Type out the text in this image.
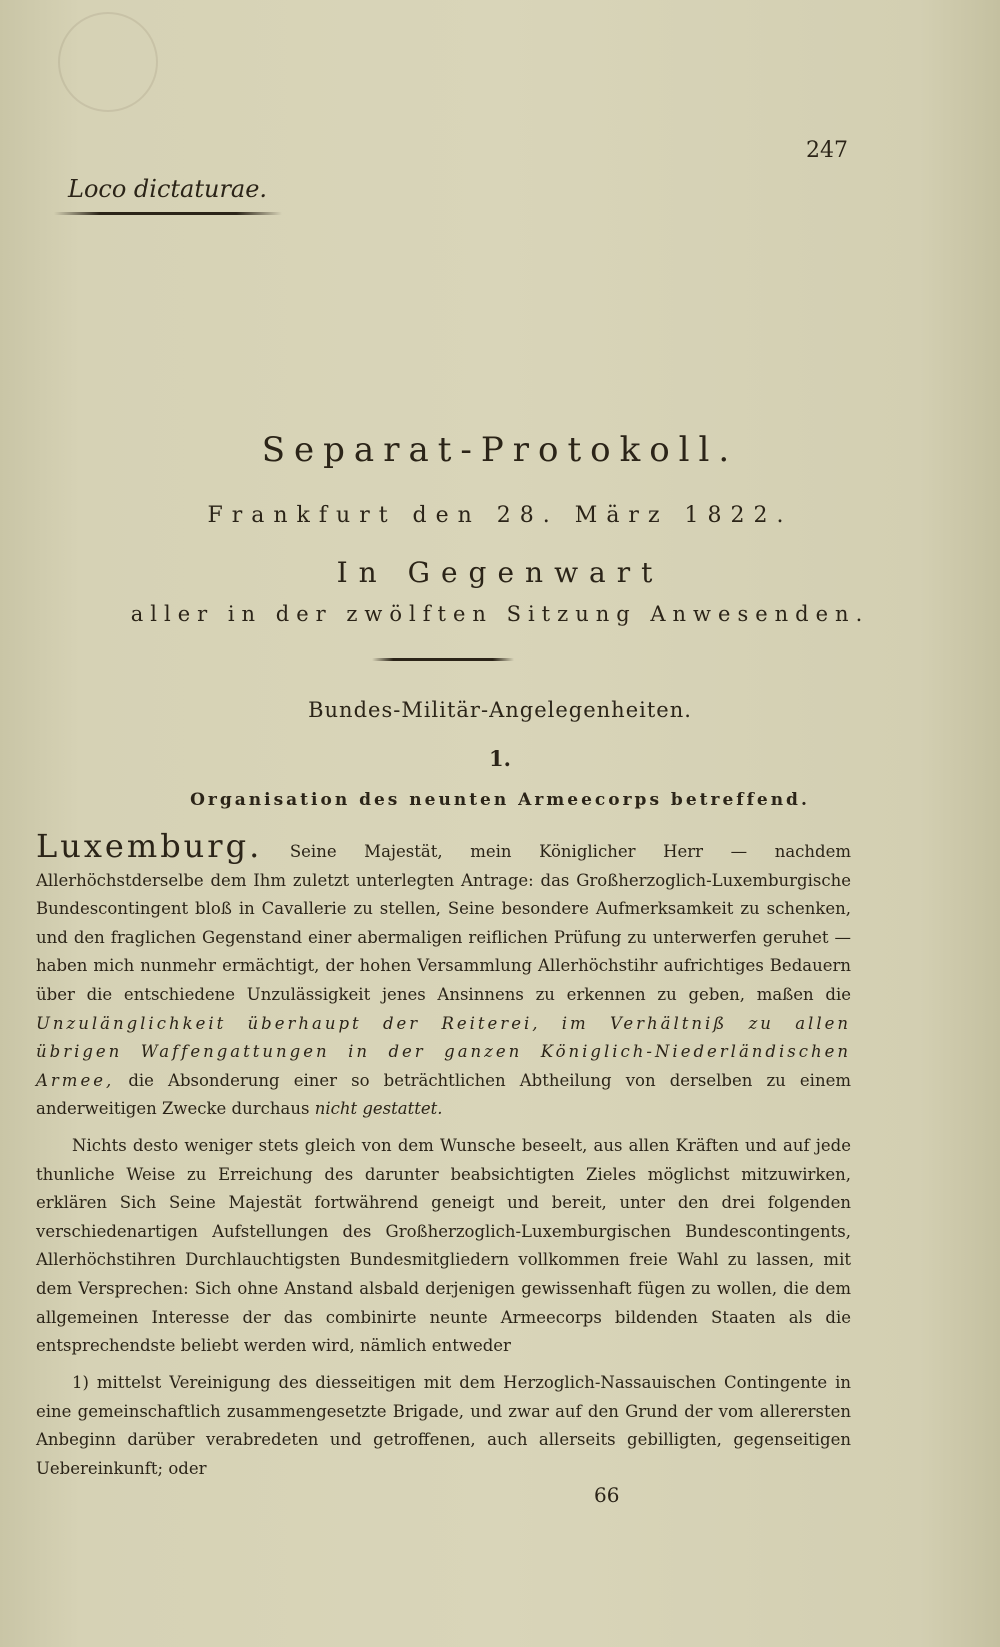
247
Loco dictaturae.
Separat-Protokoll.
Frankfurt den 28. März 1822.
In Gegenwart
aller in der zwölften Sitzung Anwesenden.
Bundes-Militär-Angelegenheiten.
1.
Organisation des neunten Armeecorps betreffend.
Luxemburg. Seine Majestät, mein Königlicher Herr — nachdem Allerhöchstderselbe dem Ihm zuletzt unterlegten Antrage: das Großherzoglich-Luxemburgische Bundescontingent bloß in Cavallerie zu stellen, Seine besondere Aufmerksamkeit zu schenken, und den fraglichen Gegenstand einer abermaligen reiflichen Prüfung zu unterwerfen geruhet — haben mich nunmehr ermächtigt, der hohen Versammlung Allerhöchstihr aufrichtiges Bedauern über die entschiedene Unzulässigkeit jenes Ansinnens zu erkennen zu geben, maßen die Unzulänglichkeit überhaupt der Reiterei, im Verhältniß zu allen übrigen Waffengattungen in der ganzen Königlich-Niederländischen Armee, die Absonderung einer so beträchtlichen Abtheilung von derselben zu einem anderweitigen Zwecke durchaus nicht gestattet.
Nichts desto weniger stets gleich von dem Wunsche beseelt, aus allen Kräften und auf jede thunliche Weise zu Erreichung des darunter beabsichtigten Zieles möglichst mitzuwirken, erklären Sich Seine Majestät fortwährend geneigt und bereit, unter den drei folgenden verschiedenartigen Aufstellungen des Großherzoglich-Luxemburgischen Bundescontingents, Allerhöchstihren Durchlauchtigsten Bundesmitgliedern vollkommen freie Wahl zu lassen, mit dem Versprechen: Sich ohne Anstand alsbald derjenigen gewissenhaft fügen zu wollen, die dem allgemeinen Interesse der das combinirte neunte Armeecorps bildenden Staaten als die entsprechendste beliebt werden wird, nämlich entweder
1) mittelst Vereinigung des diesseitigen mit dem Herzoglich-Nassauischen Contingente in eine gemeinschaftlich zusammengesetzte Brigade, und zwar auf den Grund der vom allerersten Anbeginn darüber verabredeten und getroffenen, auch allerseits gebilligten, gegenseitigen Uebereinkunft; oder
66
